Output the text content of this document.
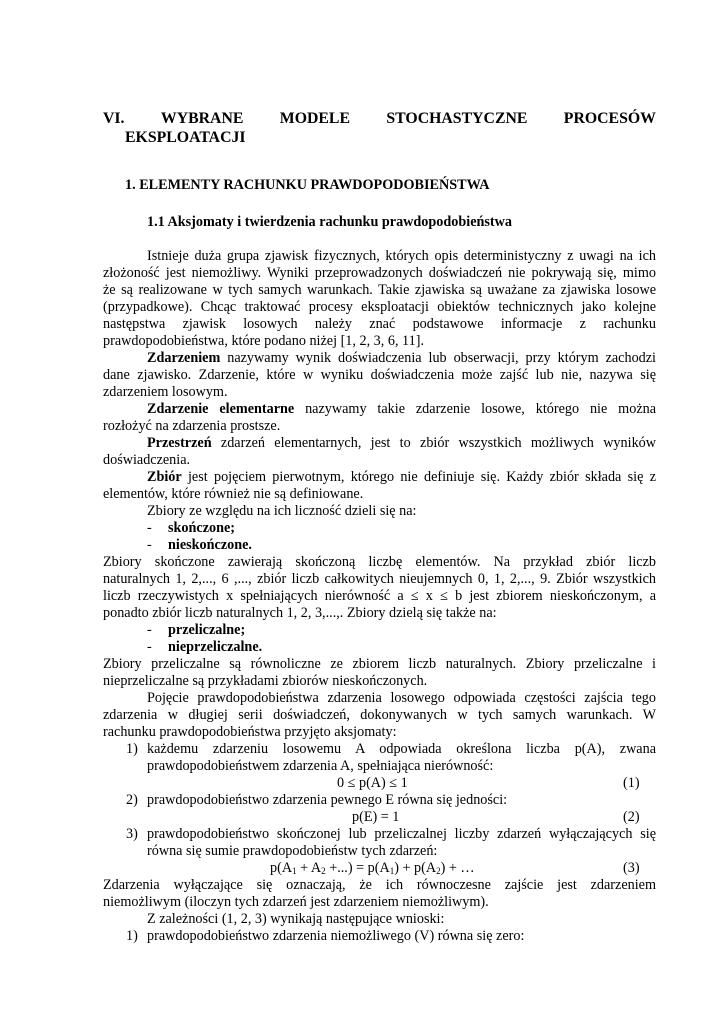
VI. WYBRANE MODELE STOCHASTYCZNE PROCESÓW
EKSPLOATACJI
1. ELEMENTY RACHUNKU PRAWDOPODOBIEŃSTWA
1.1 Aksjomaty i twierdzenia rachunku prawdopodobieństwa
Istnieje duża grupa zjawisk fizycznych, których opis deterministyczny z uwagi na ich
złożoność jest niemożliwy. Wyniki przeprowadzonych doświadczeń nie pokrywają się, mimo
że są realizowane w tych samych warunkach. Takie zjawiska są uważane za zjawiska losowe
(przypadkowe). Chcąc traktować procesy eksploatacji obiektów technicznych jako kolejne
następstwa zjawisk losowych należy znać podstawowe informacje z rachunku
prawdopodobieństwa, które podano niżej [1, 2, 3, 6, 11].
Zdarzeniem nazywamy wynik doświadczenia lub obserwacji, przy którym zachodzi
dane zjawisko. Zdarzenie, które w wyniku doświadczenia może zajść lub nie, nazywa się
zdarzeniem losowym.
Zdarzenie elementarne nazywamy takie zdarzenie losowe, którego nie można
rozłożyć na zdarzenia prostsze.
Przestrzeń zdarzeń elementarnych, jest to zbiór wszystkich możliwych wyników
doświadczenia.
Zbiór jest pojęciem pierwotnym, którego nie definiuje się. Każdy zbiór składa się z
elementów, które również nie są definiowane.
Zbiory ze względu na ich liczność dzieli się na:
-	skończone;
-	nieskończone.
Zbiory skończone zawierają skończoną liczbę elementów. Na przykład zbiór liczb
naturalnych 1, 2,..., 6 ,..., zbiór liczb całkowitych nieujemnych 0, 1, 2,..., 9. Zbiór wszystkich
liczb rzeczywistych x spełniających nierówność a ≤ x ≤ b jest zbiorem nieskończonym, a
ponadto zbiór liczb naturalnych 1, 2, 3,...,. Zbiory dzielą się także na:
-	przeliczalne;
-	nieprzeliczalne.
Zbiory przeliczalne są równoliczne ze zbiorem liczb naturalnych. Zbiory przeliczalne i
nieprzeliczalne są przykładami zbiorów nieskończonych.
Pojęcie prawdopodobieństwa zdarzenia losowego odpowiada częstości zajścia tego
zdarzenia w długiej serii doświadczeń, dokonywanych w tych samych warunkach. W
rachunku prawdopodobieństwa przyjęto aksjomaty:
1) każdemu zdarzeniu losowemu A odpowiada określona liczba p(A), zwana
prawdopodobieństwem zdarzenia A, spełniająca nierówność:
0 ≤ p(A) ≤ 1	(1)
2) prawdopodobieństwo zdarzenia pewnego E równa się jedności:
p(E) = 1	(2)
3) prawdopodobieństwo skończonej lub przeliczalnej liczby zdarzeń wyłączających się
równa się sumie prawdopodobieństw tych zdarzeń:
$p(A_1 + A_2$ +...) = $p(A_1) + p(A_2)$ + …	(3)
Zdarzenia wyłączające się oznaczają, że ich równoczesne zajście jest zdarzeniem
niemożliwym (iloczyn tych zdarzeń jest zdarzeniem niemożliwym).
Z zależności (1, 2, 3) wynikają następujące wnioski:
1) prawdopodobieństwo zdarzenia niemożliwego (V) równa się zero:
